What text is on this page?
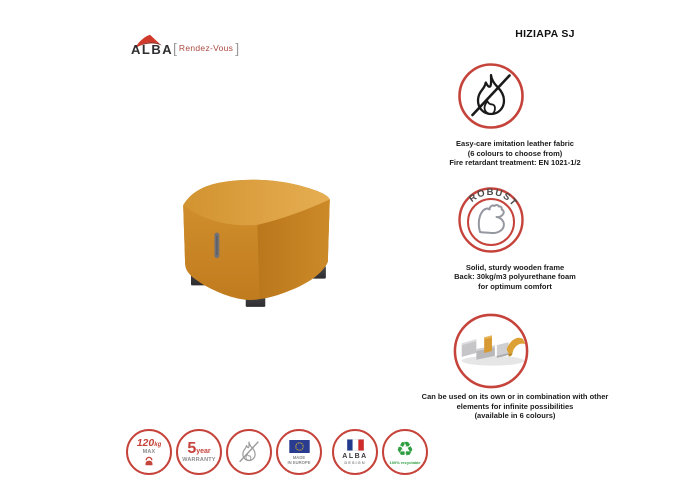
ALBA [ Rendez-Vous ]
HIZIAPA SJ
Easy-care imitation leather fabric
(6 colours to choose from)
Fire retardant treatment: EN 1021-1/2
ROBUST
Solid, sturdy wooden frame
Back: 30kg/m3 polyurethane foam
for optimum comfort
Can be used on its own or in combination with other
elements for infinite possibilities
(available in 6 colours)
120 kg
MAX 5 year
WARRANTY	MADE
IN EUROPE
ALBA
DESIGN
♻
100% recyclable
